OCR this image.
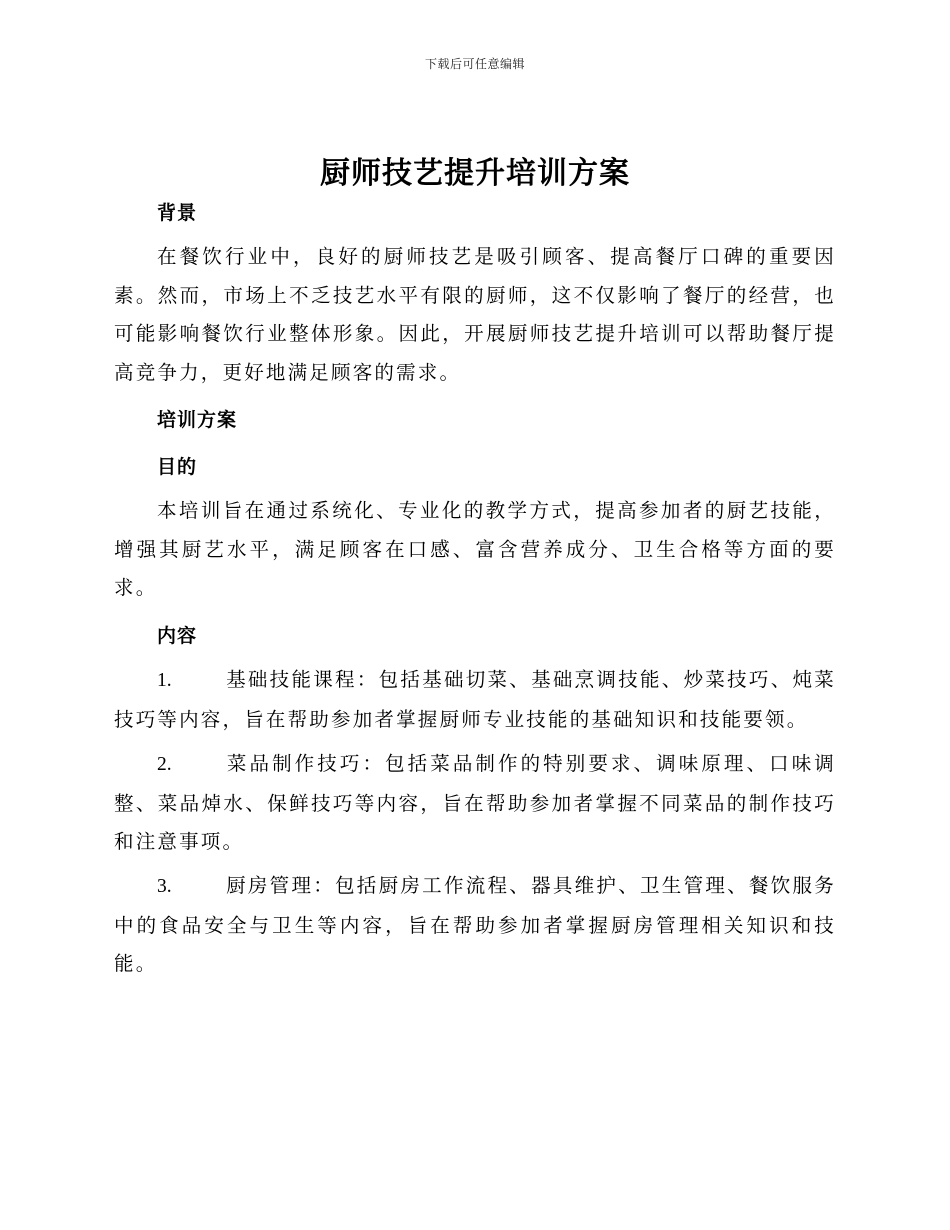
下载后可任意编辑
厨师技艺提升培训方案
背景

在餐饮行业中，良好的厨师技艺是吸引顾客、提高餐厅口碑的重要因素。然而，市场上不乏技艺水平有限的厨师，这不仅影响了餐厅的经营，也可能影响餐饮行业整体形象。因此，开展厨师技艺提升培训可以帮助餐厅提高竞争力，更好地满足顾客的需求。

培训方案
目的

本培训旨在通过系统化、专业化的教学方式，提高参加者的厨艺技能，增强其厨艺水平，满足顾客在口感、富含营养成分、卫生合格等方面的要求。

内容

1.	基础技能课程：包括基础切菜、基础烹调技能、炒菜技巧、炖菜技巧等内容，旨在帮助参加者掌握厨师专业技能的基础知识和技能要领。

2.	菜品制作技巧：包括菜品制作的特别要求、调味原理、口味调整、菜品焯水、保鲜技巧等内容，旨在帮助参加者掌握不同菜品的制作技巧和注意事项。

3.	厨房管理：包括厨房工作流程、器具维护、卫生管理、餐饮服务中的食品安全与卫生等内容，旨在帮助参加者掌握厨房管理相关知识和技能。
